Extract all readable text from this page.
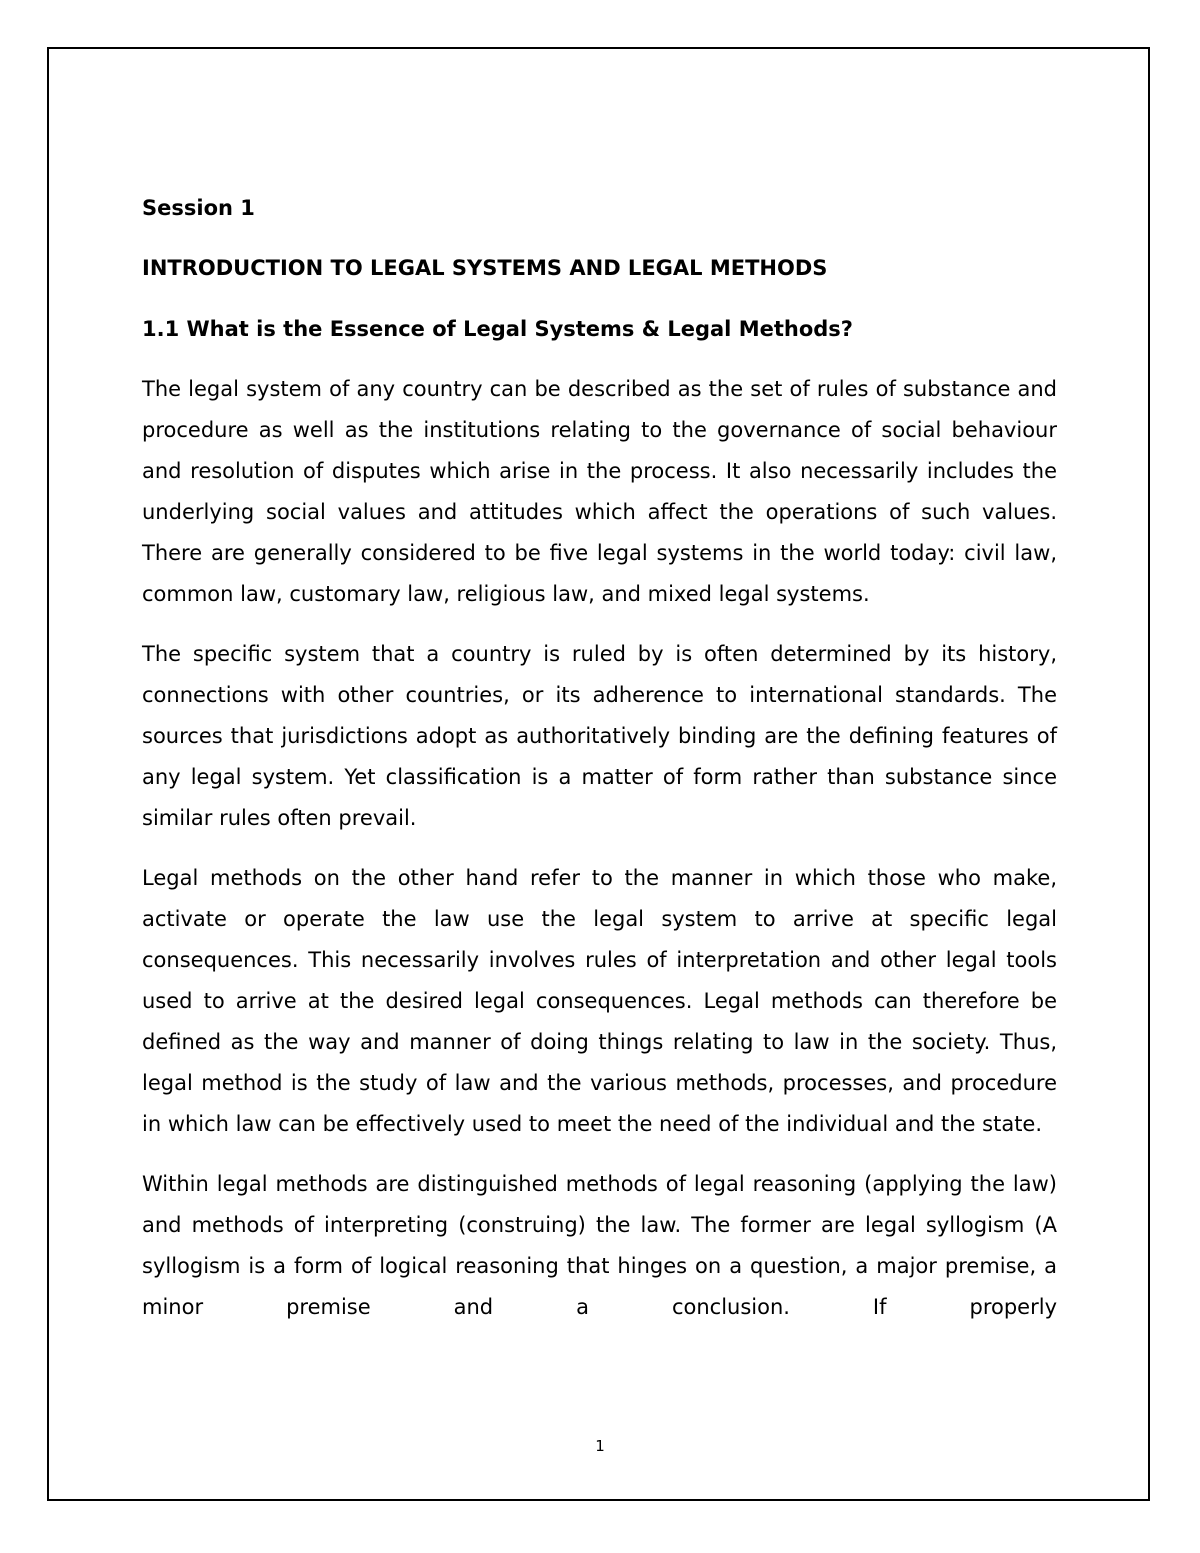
Session 1

INTRODUCTION TO LEGAL SYSTEMS AND LEGAL METHODS

1.1 What is the Essence of Legal Systems & Legal Methods?

The legal system of any country can be described as the set of rules of substance and procedure as well as the institutions relating to the governance of social behaviour and resolution of disputes which arise in the process. It also necessarily includes the underlying social values and attitudes which affect the operations of such values. There are generally considered to be five legal systems in the world today: civil law, common law, customary law, religious law, and mixed legal systems.

The specific system that a country is ruled by is often determined by its history, connections with other countries, or its adherence to international standards. The sources that jurisdictions adopt as authoritatively binding are the defining features of any legal system. Yet classification is a matter of form rather than substance since similar rules often prevail.

Legal methods on the other hand refer to the manner in which those who make, activate or operate the law use the legal system to arrive at specific legal consequences. This necessarily involves rules of interpretation and other legal tools used to arrive at the desired legal consequences. Legal methods can therefore be defined as the way and manner of doing things relating to law in the society. Thus, legal method is the study of law and the various methods, processes, and procedure in which law can be effectively used to meet the need of the individual and the state.

Within legal methods are distinguished methods of legal reasoning (applying the law) and methods of interpreting (construing) the law. The former are legal syllogism (A syllogism is a form of logical reasoning that hinges on a question, a major premise, a minor premise and a conclusion. If properly

1
